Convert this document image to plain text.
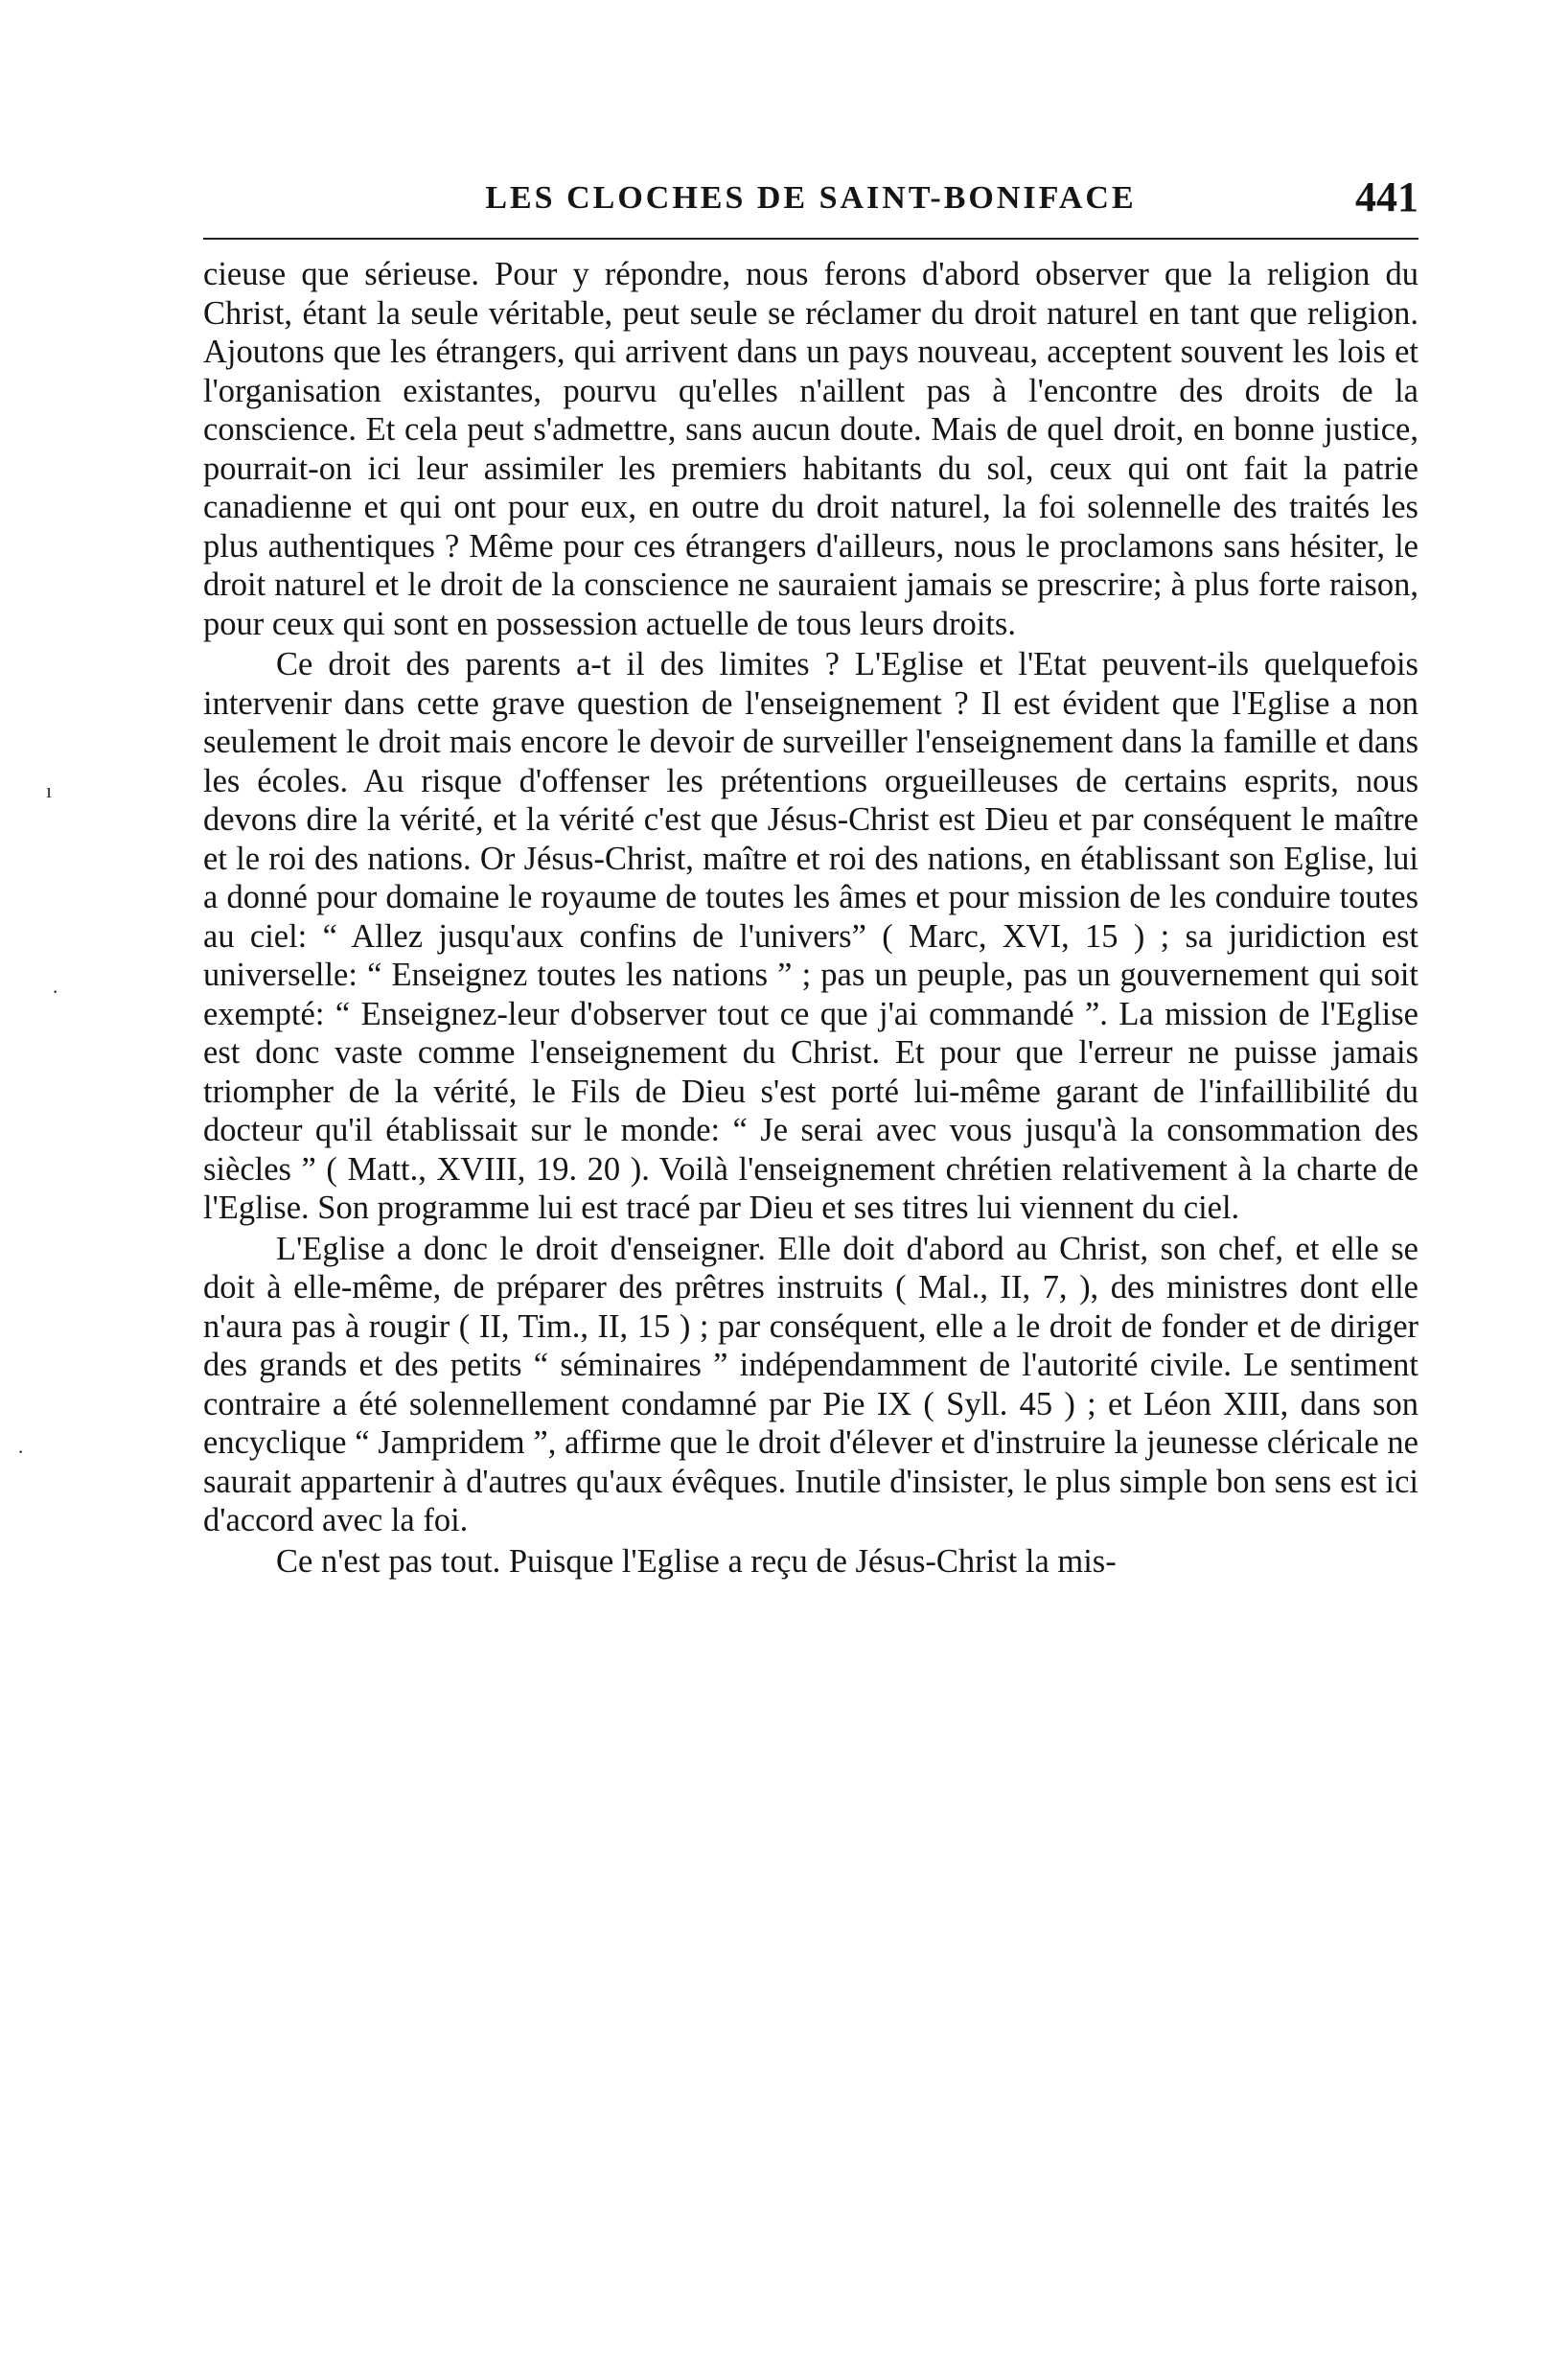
LES CLOCHES DE SAINT-BONIFACE	441

cieuse que sérieuse. Pour y répondre, nous ferons d'abord observer que la religion du Christ, étant la seule véritable, peut seule se réclamer du droit naturel en tant que religion. Ajoutons que les étrangers, qui arrivent dans un pays nouveau, acceptent souvent les lois et l'organisation existantes, pourvu qu'elles n'aillent pas à l'encontre des droits de la conscience. Et cela peut s'admettre, sans aucun doute. Mais de quel droit, en bonne justice, pourrait-on ici leur assimiler les premiers habitants du sol, ceux qui ont fait la patrie canadienne et qui ont pour eux, en outre du droit naturel, la foi solennelle des traités les plus authentiques ? Même pour ces étrangers d'ailleurs, nous le proclamons sans hésiter, le droit naturel et le droit de la conscience ne sauraient jamais se prescrire; à plus forte raison, pour ceux qui sont en possession actuelle de tous leurs droits.

Ce droit des parents a-t il des limites ? L'Eglise et l'Etat peuvent-ils quelquefois intervenir dans cette grave question de l'enseignement ? Il est évident que l'Eglise a non seulement le droit mais encore le devoir de surveiller l'enseignement dans la famille et dans les écoles. Au risque d'offenser les prétentions orgueilleuses de certains esprits, nous devons dire la vérité, et la vérité c'est que Jésus-Christ est Dieu et par conséquent le maître et le roi des nations. Or Jésus-Christ, maître et roi des nations, en établissant son Eglise, lui a donné pour domaine le royaume de toutes les âmes et pour mission de les conduire toutes au ciel: “ Allez jusqu'aux confins de l'univers” ( Marc, XVI, 15 ) ; sa juridiction est universelle: “ Enseignez toutes les nations ” ; pas un peuple, pas un gouvernement qui soit exempté: “ Enseignez-leur d'observer tout ce que j'ai commandé ”. La mission de l'Eglise est donc vaste comme l'enseignement du Christ. Et pour que l'erreur ne puisse jamais triompher de la vérité, le Fils de Dieu s'est porté lui-même garant de l'infaillibilité du docteur qu'il établissait sur le monde: “ Je serai avec vous jusqu'à la consommation des siècles ” ( Matt., XVIII, 19. 20 ). Voilà l'enseignement chrétien relativement à la charte de l'Eglise. Son programme lui est tracé par Dieu et ses titres lui viennent du ciel.

L'Eglise a donc le droit d'enseigner. Elle doit d'abord au Christ, son chef, et elle se doit à elle-même, de préparer des prêtres instruits ( Mal., II, 7, ), des ministres dont elle n'aura pas à rougir ( II, Tim., II, 15 ) ; par conséquent, elle a le droit de fonder et de diriger des grands et des petits “ séminaires ” indépendamment de l'autorité civile. Le sentiment contraire a été solennellement condamné par Pie IX ( Syll. 45 ) ; et Léon XIII, dans son encyclique “ Jampridem ”, affirme que le droit d'élever et d'instruire la jeunesse cléricale ne saurait appartenir à d'autres qu'aux évêques. Inutile d'insister, le plus simple bon sens est ici d'accord avec la foi.

Ce n'est pas tout. Puisque l'Eglise a reçu de Jésus-Christ la mis-

ı
·
·
